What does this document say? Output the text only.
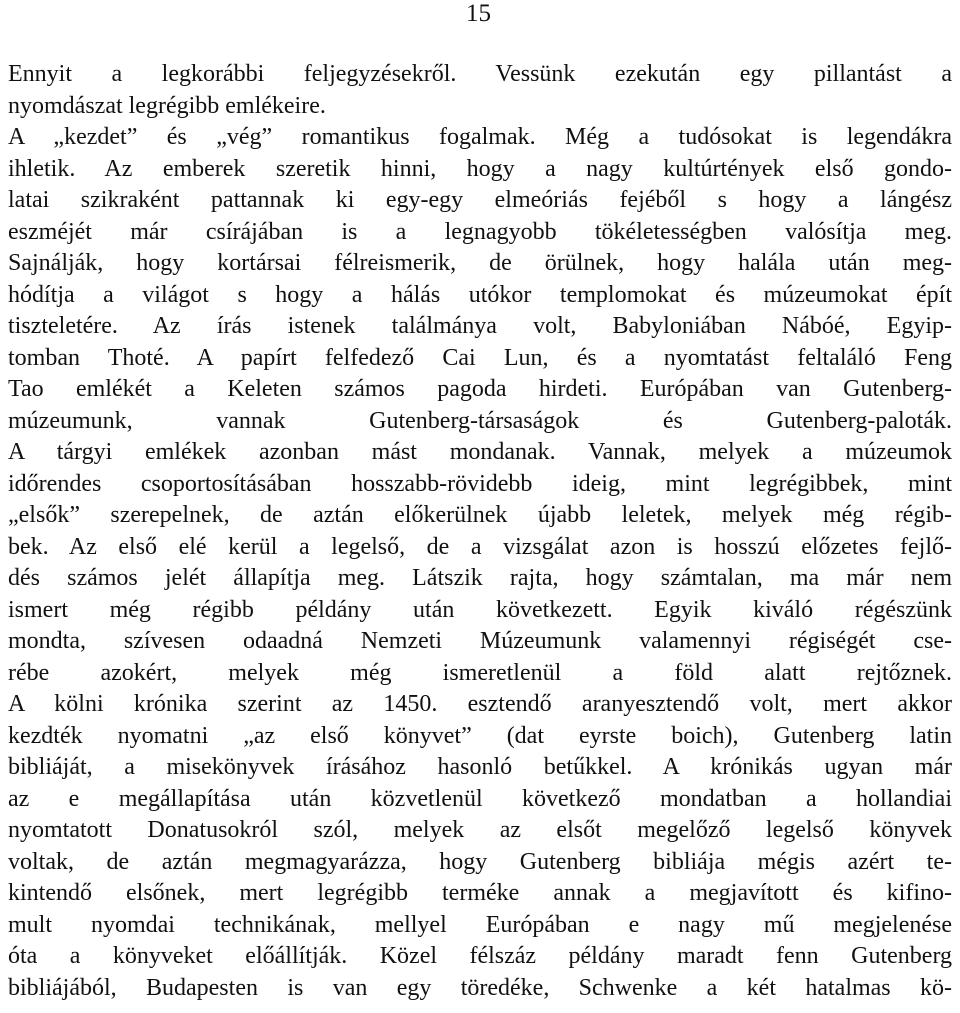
15
Ennyit a legkorábbi feljegyzésekről. Vessünk ezekután egy pillantást a
nyomdászat legrégibb emlékeire.
A „kezdet” és „vég” romantikus fogalmak. Még a tudósokat is legendákra
ihletik. Az emberek szeretik hinni, hogy a nagy kultúrtények első gondo-
latai szikraként pattannak ki egy-egy elmeóriás fejéből s hogy a lángész
eszméjét már csírájában is a legnagyobb tökéletességben valósítja meg.
Sajnálják, hogy kortársai félreismerik, de örülnek, hogy halála után meg-
hódítja a világot s hogy a hálás utókor templomokat és múzeumokat épít
tiszteletére. Az írás istenek találmánya volt, Babyloniában Nábóé, Egyip-
tomban Thoté. A papírt felfedező Cai Lun, és a nyomtatást feltaláló Feng
Tao emlékét a Keleten számos pagoda hirdeti. Európában van Gutenberg-
múzeumunk, vannak Gutenberg-társaságok és Gutenberg-paloták.
A tárgyi emlékek azonban mást mondanak. Vannak, melyek a múzeumok
időrendes csoportosításában hosszabb-rövidebb ideig, mint legrégibbek, mint
„elsők” szerepelnek, de aztán előkerülnek újabb leletek, melyek még régib-
bek. Az első elé kerül a legelső, de a vizsgálat azon is hosszú előzetes fejlő-
dés számos jelét állapítja meg. Látszik rajta, hogy számtalan, ma már nem
ismert még régibb példány után következett. Egyik kiváló régészünk
mondta, szívesen odaadná Nemzeti Múzeumunk valamennyi régiségét cse-
rébe azokért, melyek még ismeretlenül a föld alatt rejtőznek.
A kölni krónika szerint az 1450. esztendő aranyesztendő volt, mert akkor
kezdték nyomatni „az első könyvet” (dat eyrste boich), Gutenberg latin
bibliáját, a misekönyvek írásához hasonló betűkkel. A krónikás ugyan már
az e megállapítása után közvetlenül következő mondatban a hollandiai
nyomtatott Donatusokról szól, melyek az elsőt megelőző legelső könyvek
voltak, de aztán megmagyarázza, hogy Gutenberg bibliája mégis azért te-
kintendő elsőnek, mert legrégibb terméke annak a megjavított és kifino-
mult nyomdai technikának, mellyel Európában e nagy mű megjelenése
óta a könyveket előállítják. Közel félszáz példány maradt fenn Gutenberg
bibliájából, Budapesten is van egy töredéke, Schwenke a két hatalmas kö-
